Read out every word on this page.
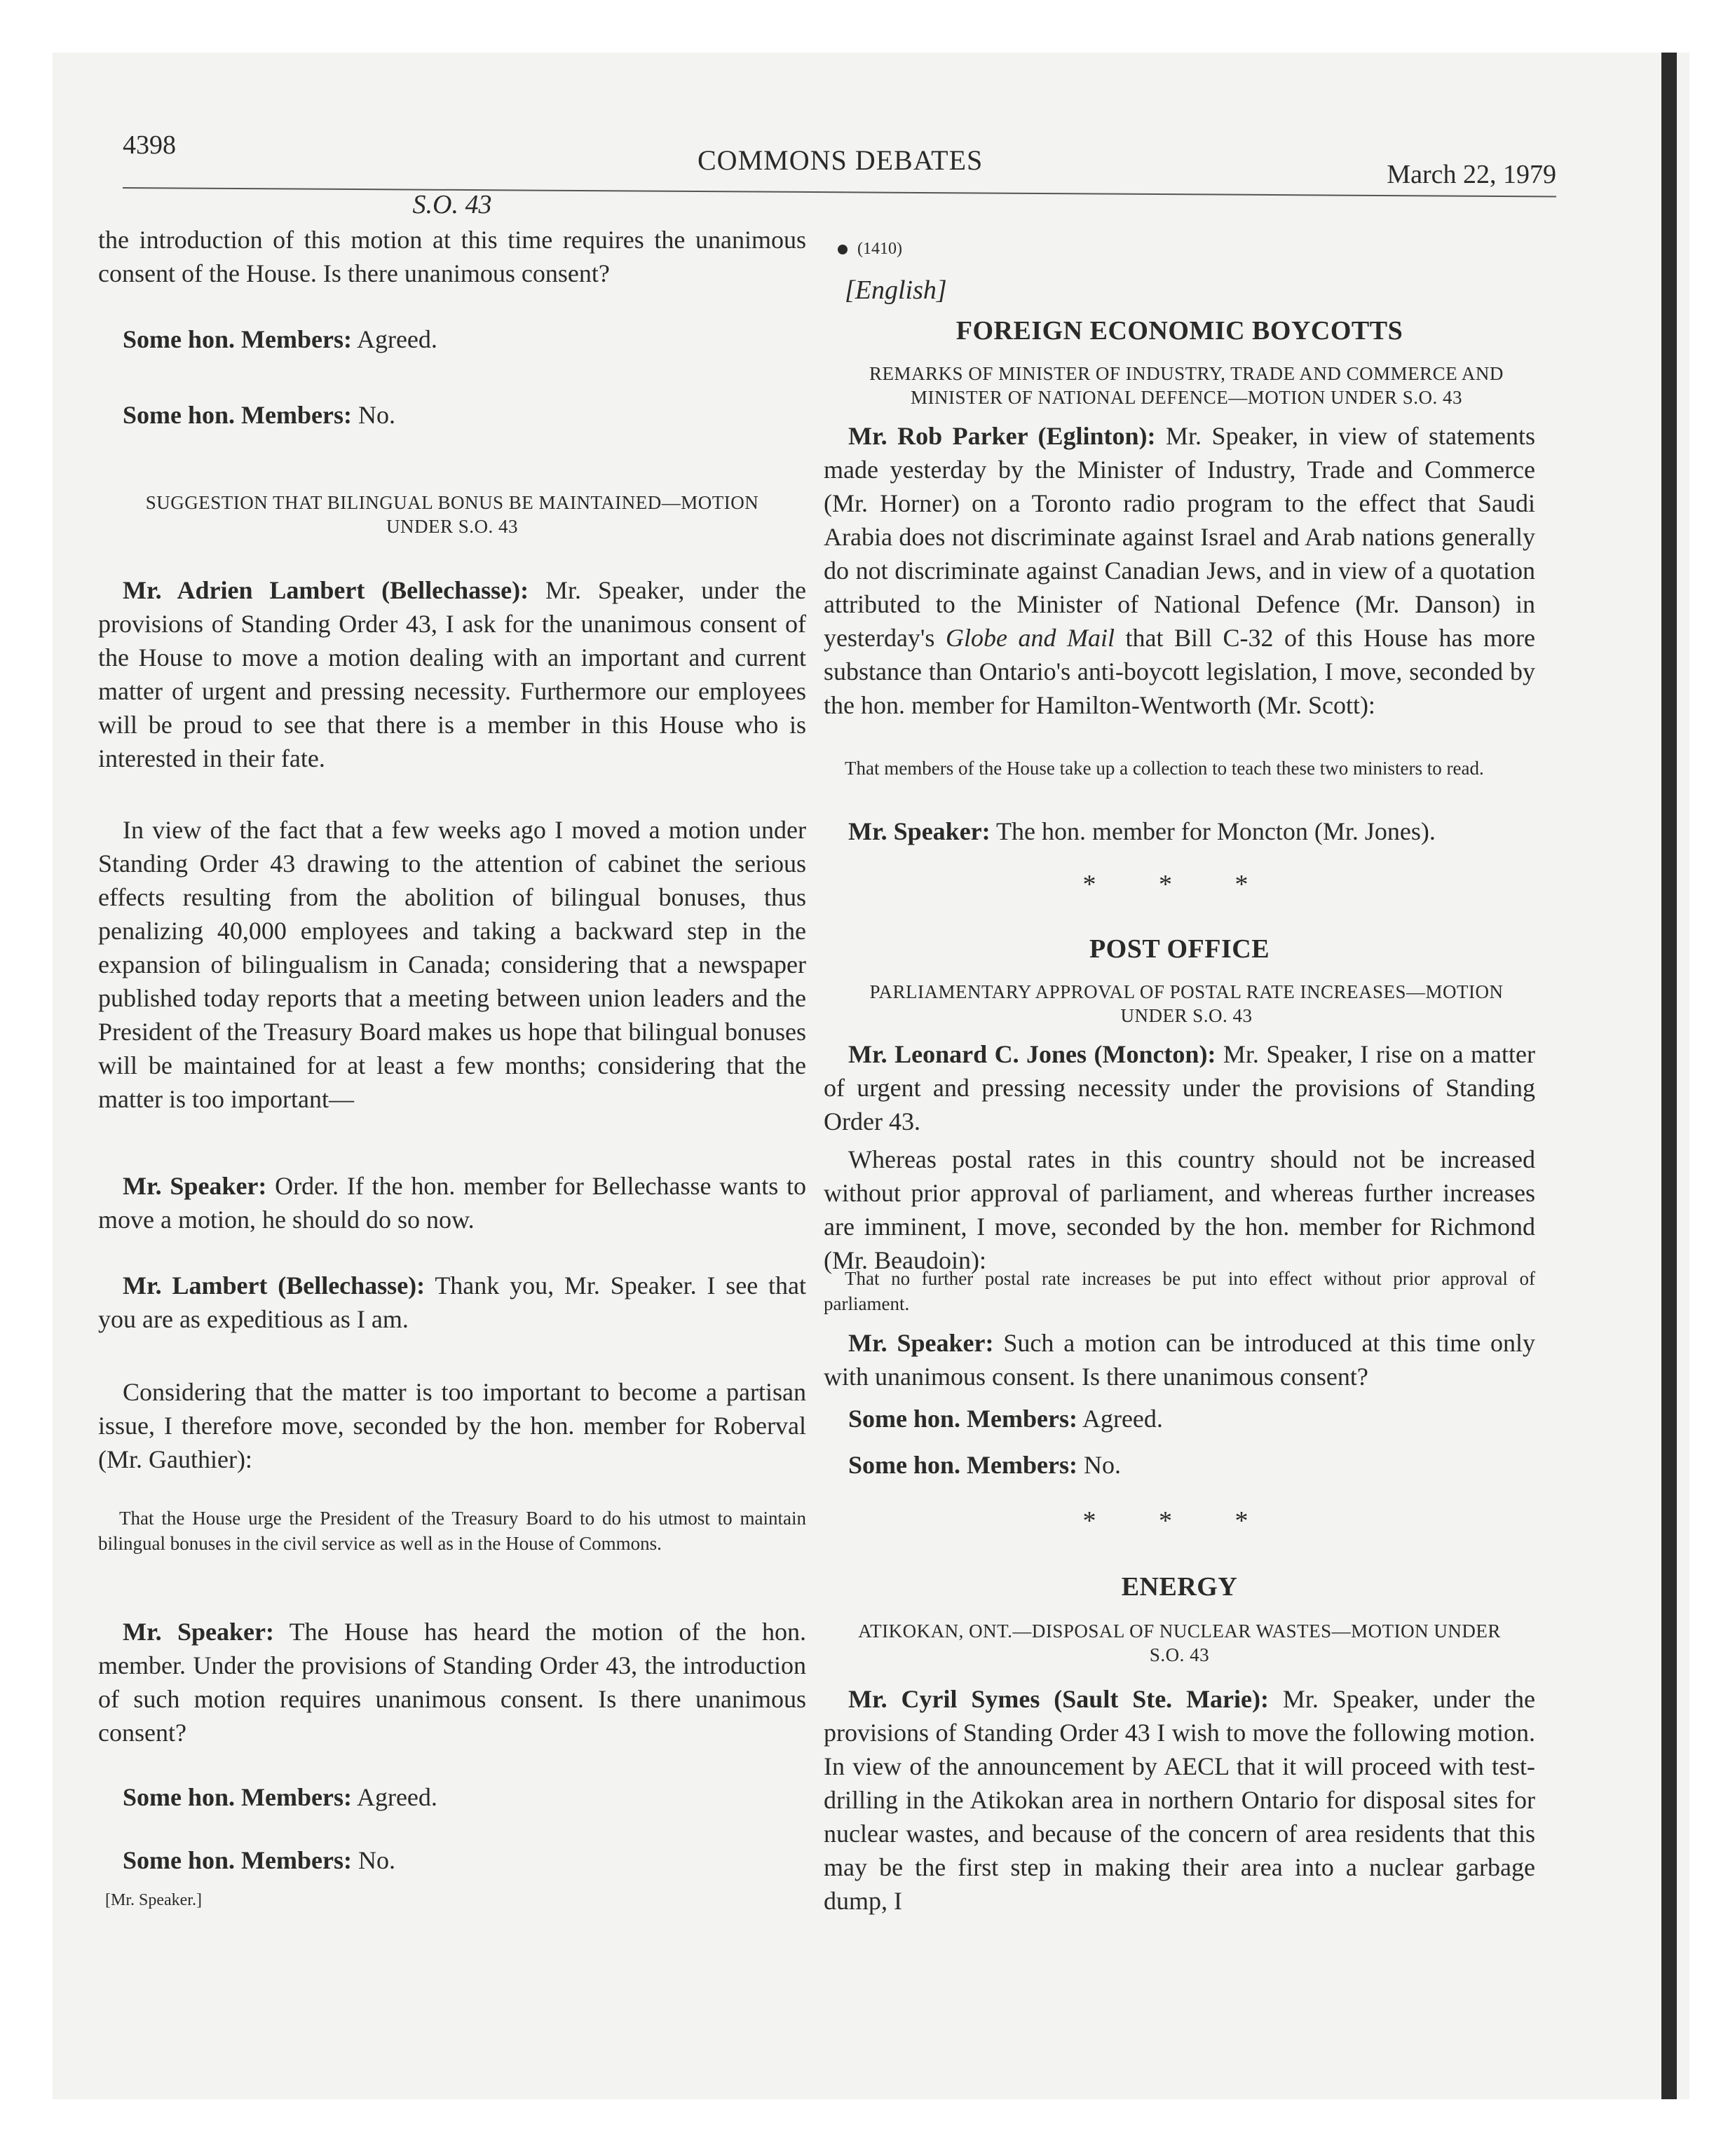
4398	COMMONS DEBATES	March 22, 1979
S.O. 43

the introduction of this motion at this time requires the unanimous consent of the House. Is there unanimous consent?

Some hon. Members: Agreed.

Some hon. Members: No.

SUGGESTION THAT BILINGUAL BONUS BE MAINTAINED—MOTION UNDER S.O. 43

Mr. Adrien Lambert (Bellechasse): Mr. Speaker, under the provisions of Standing Order 43, I ask for the unanimous consent of the House to move a motion dealing with an important and current matter of urgent and pressing necessity. Furthermore our employees will be proud to see that there is a member in this House who is interested in their fate.

In view of the fact that a few weeks ago I moved a motion under Standing Order 43 drawing to the attention of cabinet the serious effects resulting from the abolition of bilingual bonuses, thus penalizing 40,000 employees and taking a backward step in the expansion of bilingualism in Canada; considering that a newspaper published today reports that a meeting between union leaders and the President of the Treasury Board makes us hope that bilingual bonuses will be maintained for at least a few months; considering that the matter is too important—

Mr. Speaker: Order. If the hon. member for Bellechasse wants to move a motion, he should do so now.

Mr. Lambert (Bellechasse): Thank you, Mr. Speaker. I see that you are as expeditious as I am.

Considering that the matter is too important to become a partisan issue, I therefore move, seconded by the hon. member for Roberval (Mr. Gauthier):

That the House urge the President of the Treasury Board to do his utmost to maintain bilingual bonuses in the civil service as well as in the House of Commons.

Mr. Speaker: The House has heard the motion of the hon. member. Under the provisions of Standing Order 43, the introduction of such motion requires unanimous consent. Is there unanimous consent?

Some hon. Members: Agreed.

Some hon. Members: No.

[Mr. Speaker.]

(1410)
[English]
FOREIGN ECONOMIC BOYCOTTS

REMARKS OF MINISTER OF INDUSTRY, TRADE AND COMMERCE AND MINISTER OF NATIONAL DEFENCE—MOTION UNDER S.O. 43

Mr. Rob Parker (Eglinton): Mr. Speaker, in view of statements made yesterday by the Minister of Industry, Trade and Commerce (Mr. Horner) on a Toronto radio program to the effect that Saudi Arabia does not discriminate against Israel and Arab nations generally do not discriminate against Canadian Jews, and in view of a quotation attributed to the Minister of National Defence (Mr. Danson) in yesterday's Globe and Mail that Bill C-32 of this House has more substance than Ontario's anti-boycott legislation, I move, seconded by the hon. member for Hamilton-Wentworth (Mr. Scott):

That members of the House take up a collection to teach these two ministers to read.

Mr. Speaker: The hon. member for Moncton (Mr. Jones).

* * *
POST OFFICE

PARLIAMENTARY APPROVAL OF POSTAL RATE INCREASES—MOTION UNDER S.O. 43

Mr. Leonard C. Jones (Moncton): Mr. Speaker, I rise on a matter of urgent and pressing necessity under the provisions of Standing Order 43.

Whereas postal rates in this country should not be increased without prior approval of parliament, and whereas further increases are imminent, I move, seconded by the hon. member for Richmond (Mr. Beaudoin):

That no further postal rate increases be put into effect without prior approval of parliament.

Mr. Speaker: Such a motion can be introduced at this time only with unanimous consent. Is there unanimous consent?

Some hon. Members: Agreed.

Some hon. Members: No.

* * *
ENERGY

ATIKOKAN, ONT.—DISPOSAL OF NUCLEAR WASTES—MOTION UNDER S.O. 43

Mr. Cyril Symes (Sault Ste. Marie): Mr. Speaker, under the provisions of Standing Order 43 I wish to move the following motion. In view of the announcement by AECL that it will proceed with test-drilling in the Atikokan area in northern Ontario for disposal sites for nuclear wastes, and because of the concern of area residents that this may be the first step in making their area into a nuclear garbage dump, I
